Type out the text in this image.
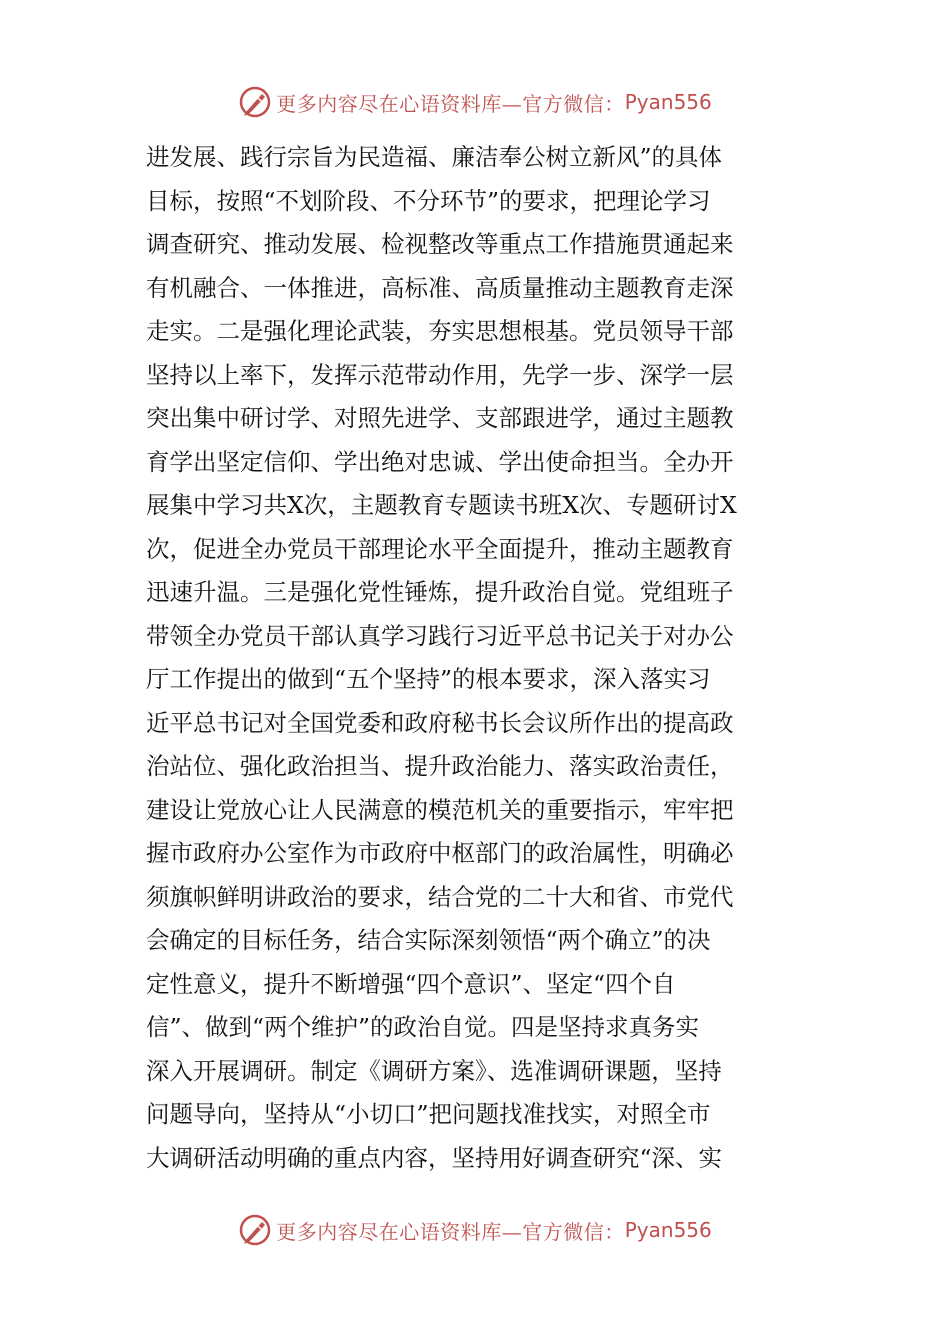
更多内容尽在心语资料库—官方微信： Pyan556
进发展、践行宗旨为民造福、廉洁奉公树立新风”的具体
目标，按照“不划阶段、不分环节”的要求，把理论学习
调查研究、推动发展、检视整改等重点工作措施贯通起来
有机融合、一体推进，高标准、高质量推动主题教育走深
走实。二是强化理论武装，夯实思想根基。党员领导干部
坚持以上率下，发挥示范带动作用，先学一步、深学一层
突出集中研讨学、对照先进学、支部跟进学，通过主题教
育学出坚定信仰、学出绝对忠诚、学出使命担当。全办开
展集中学习共X次，主题教育专题读书班X次、专题研讨X
次，促进全办党员干部理论水平全面提升，推动主题教育
迅速升温。三是强化党性锤炼，提升政治自觉。党组班子
带领全办党员干部认真学习践行习近平总书记关于对办公
厅工作提出的做到“五个坚持”的根本要求，深入落实习
近平总书记对全国党委和政府秘书长会议所作出的提高政
治站位、强化政治担当、提升政治能力、落实政治责任，
建设让党放心让人民满意的模范机关的重要指示，牢牢把
握市政府办公室作为市政府中枢部门的政治属性，明确必
须旗帜鲜明讲政治的要求，结合党的二十大和省、市党代
会确定的目标任务，结合实际深刻领悟“两个确立”的决
定性意义，提升不断增强“四个意识”、坚定“四个自
信”、做到“两个维护”的政治自觉。四是坚持求真务实
深入开展调研。制定《调研方案》、选准调研课题，坚持
问题导向，坚持从“小切口”把问题找准找实，对照全市
大调研活动明确的重点内容，坚持用好调查研究“深、实
更多内容尽在心语资料库—官方微信： Pyan556
